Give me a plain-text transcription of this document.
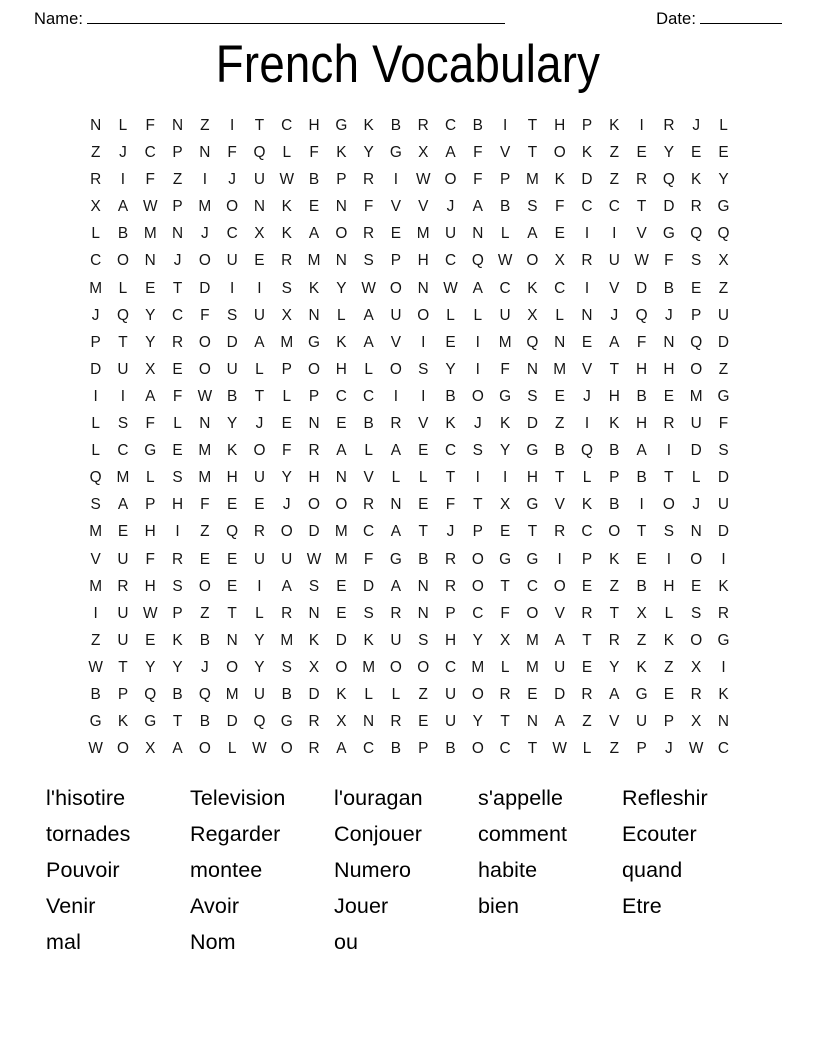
Name:	Date:
French Vocabulary
N	L	F	N	Z	I	T	C	H	G	K	B	R	C	B	I	T	H	P	K	I	R	J	L
Z	J	C	P	N	F	Q	L	F	K	Y	G	X	A	F	V	T	O	K	Z	E	Y	E	E
R	I	F	Z	I	J	U W B	P	R	I	W O	F	P	M	K	D	Z	R	Q	K	Y
X	A W P	M O	N	K	E	N	F	V	V	J	A	B	S	F	C	C	T	D	R	G
L	B	M N	J	C	X	K	A	O	R	E	M U	N	L	A	E	I	I	V	G Q Q
C	O	N	J	O	U	E	R M N	S	P	H	C	Q W O	X	R	U W F	S	X
M	L	E	T	D	I	I	S	K	Y W O	N W A	C	K	C	I	V	D	B	E	Z
J	Q	Y	C	F	S	U	X	N	L	A	U	O	L	L	U	X	L	N	J	Q	J	P	U
P	T	Y	R	O	D	A	M G	K	A	V	I	E	I	M Q	N	E	A	F	N	Q	D
D	U	X	E	O	U	L	P	O	H	L	O	S	Y	I	F	N M	V	T	H	H	O	Z
I	I	A	F W B	T	L	P	C	C	I	I	B	O G	S	E	J	H	B	E	M G
L	S	F	L	N	Y	J	E	N	E	B	R	V	K	J	K	D	Z	I	K	H	R	U	F
L	C	G	E	M	K	O	F	R	A	L	A	E	C	S	Y	G	B	Q	B	A	I	D	S
Q M	L	S	M H	U	Y	H	N	V	L	L	T	I	I	H	T	L	P	B	T	L	D
S	A	P	H	F	E	E	J	O O	R	N	E	F	T	X	G	V	K	B	I	O	J	U
M	E	H	I	Z	Q	R	O	D M C	A	T	J	P	E	T	R	C	O	T	S	N	D
V	U	F	R	E	E	U	U W M	F	G	B	R	O G G	I	P	K	E	I	O	I
M R	H	S	O	E	I	A	S	E	D	A	N	R	O	T	C	O	E	Z	B	H	E	K
I	U W P	Z	T	L	R	N	E	S	R	N	P	C	F	O	V	R	T	X	L	S	R
Z	U	E	K	B	N	Y	M	K	D	K	U	S	H	Y	X	M	A	T	R	Z	K	O G
W T	Y	Y	J	O	Y	S	X	O M O O	C M	L	M U	E	Y	K	Z	X	I
B	P	Q	B	Q M U	B	D	K	L	L	Z	U	O	R	E	D	R	A	G	E	R	K
G	K	G	T	B	D	Q G	R	X	N	R	E	U	Y	T	N	A	Z	V	U	P	X	N
W O	X	A	O	L	W O	R	A	C	B	P	B	O	C	T W	L	Z	P	J	W C
l'hisotire
tornades
Pouvoir
Venir
mal
Television
Regarder
montee
Avoir
Nom
l'ouragan
Conjouer
Numero
Jouer
ou
s'appelle
comment
habite
bien
Refleshir
Ecouter
quand
Etre
